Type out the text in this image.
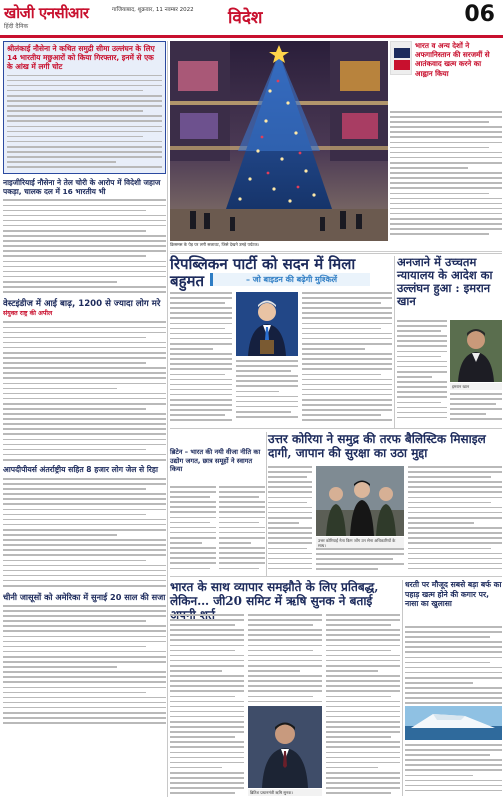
खोजी एनसीआर
हिंदी दैनिक
गाजियाबाद, शुक्रवार, 11 नवम्बर 2022	विदेश	06
श्रीलंकाई नौसेना ने कथित समुद्री सीमा उल्लंघन के लिए 14 भारतीय मछुआरों को किया गिरफ्तार, इनमें से एक के आंख में लगी चोट
नाइजीरियाई नौसेना ने तेल चोरी के आरोप में विदेशी जहाज पकड़ा, चालक दल में 16 भारतीय भी
वेस्टइंडीज में आई बाढ़, 1200 से ज्यादा लोग मरे
संयुक्त राष्ट्र की अपील
आपदीपीयर्स अंतर्राष्ट्रीय सहित 8 हजार लोग जेल से रिहा
चीनी जासूसों को अमेरिका में सुनाई 20 साल की सजा
क्रिसमस के पेड़ पर लगी सजावट, जिसे देखने उमड़े पर्यटक।
भारत व अन्य देशों ने अफगानिस्तान की सरजमीं से आतंकवाद खत्म करने का आह्वान किया
रिपब्लिकन पार्टी को सदन में मिला बहुमत	– जो बाइडन की बढ़ेगी मुश्किलें
अनजाने में उच्चतम न्यायालय के आदेश का उल्लंघन हुआ : इमरान खान
इमरान खान
ब्रिटेन – भारत की नयी वीजा नीति का उद्योग जगत, छात्र समूहों ने स्वागत किया
उत्तर कोरिया ने समुद्र की तरफ बैलिस्टिक मिसाइल दागी, जापान की सुरक्षा का उठा मुद्दा
उत्तर कोरियाई नेता किम जोंग उन सेना अधिकारियों के साथ।
भारत के साथ व्यापार समझौते के लिए प्रतिबद्ध, लेकिन… जी20 समिट में ऋषि सुनक ने बताई
ब्रिटिश प्रधानमंत्री ऋषि सुनक।
धरती पर मौजूद सबसे बड़ा बर्फ का पहाड़ खत्म होने की कगार पर, नासा का खुलासा
